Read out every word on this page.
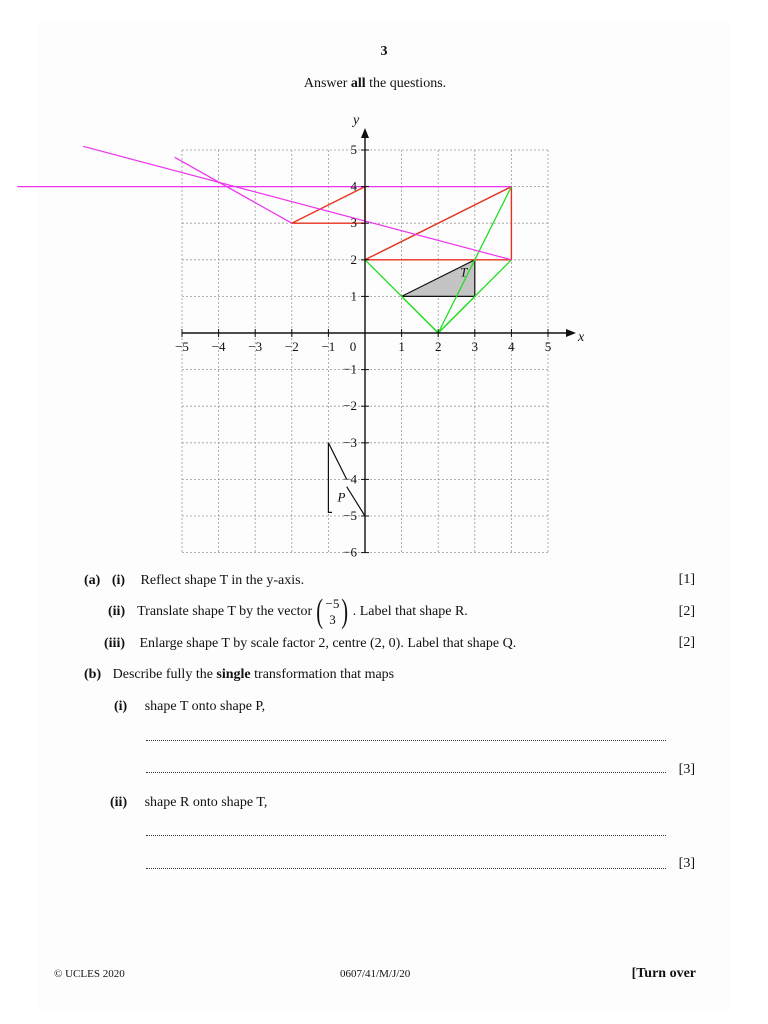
3
Answer all the questions.
−5 −4 −3 −2 −1	1 2 3 4 5
5
4
3
2
1
−1
−2
−3
−4
−5
−6
0
x
y
T
P
(a) (i) Reflect shape T in the y-axis.	[1]
(ii) Translate shape T by the vector ( −5
3 ) . Label that shape R.	[2]
(iii) Enlarge shape T by scale factor 2, centre (2, 0). Label that shape Q.	[2]
(b) Describe fully the single transformation that maps
(i) shape T onto shape P,
[3]
(ii) shape R onto shape T,
[3]
© UCLES 2020	0607/41/M/J/20	[Turn over
